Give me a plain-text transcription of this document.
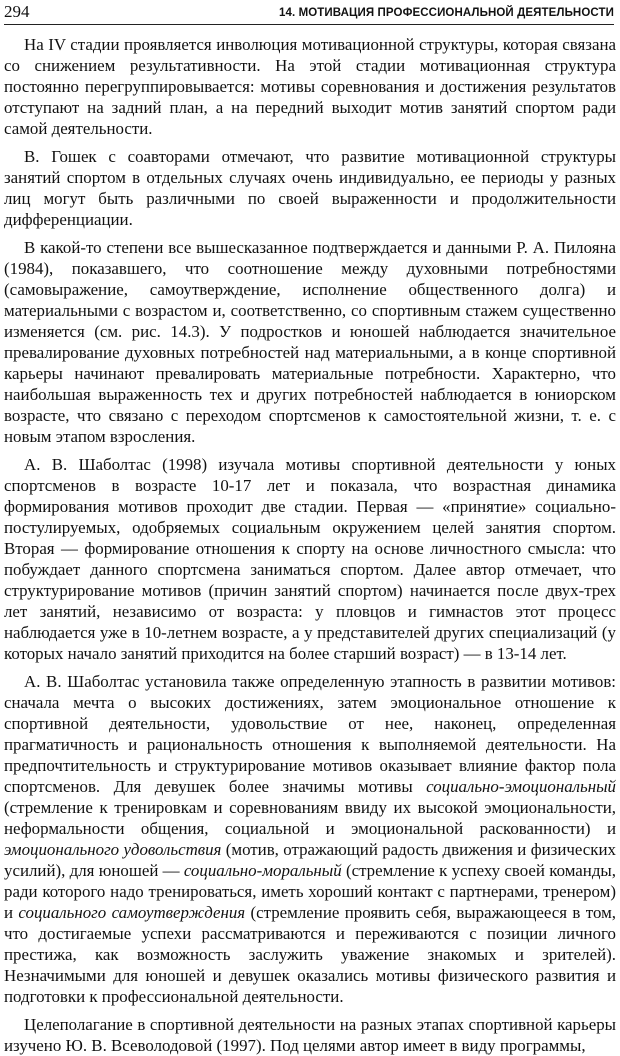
294	14. МОТИВАЦИЯ ПРОФЕССИОНАЛЬНОЙ ДЕЯТЕЛЬНОСТИ

На IV стадии проявляется инволюция мотивационной структуры, которая связана со снижением результативности. На этой стадии мотивационная структура постоянно перегруппировывается: мотивы соревнования и достижения результатов отступают на задний план, а на передний выходит мотив занятий спортом ради самой деятельности.

В. Гошек с соавторами отмечают, что развитие мотивационной структуры занятий спортом в отдельных случаях очень индивидуально, ее периоды у разных лиц могут быть различными по своей выраженности и продолжительности дифференциации.

В какой-то степени все вышесказанное подтверждается и данными Р. А. Пилояна (1984), показавшего, что соотношение между духовными потребностями (самовыражение, самоутверждение, исполнение общественного долга) и материальными с возрастом и, соответственно, со спортивным стажем существенно изменяется (см. рис. 14.3). У подростков и юношей наблюдается значительное превалирование духовных потребностей над материальными, а в конце спортивной карьеры начинают превалировать материальные потребности. Характерно, что наибольшая выраженность тех и других потребностей наблюдается в юниорском возрасте, что связано с переходом спортсменов к самостоятельной жизни, т. е. с новым этапом взросления.

А. В. Шаболтас (1998) изучала мотивы спортивной деятельности у юных спортсменов в возрасте 10-17 лет и показала, что возрастная динамика формирования мотивов проходит две стадии. Первая — «принятие» социально-постулируемых, одобряемых социальным окружением целей занятия спортом. Вторая — формирование отношения к спорту на основе личностного смысла: что побуждает данного спортсмена заниматься спортом. Далее автор отмечает, что структурирование мотивов (причин занятий спортом) начинается после двух-трех лет занятий, независимо от возраста: у пловцов и гимнастов этот процесс наблюдается уже в 10-летнем возрасте, а у представителей других специализаций (у которых начало занятий приходится на более старший возраст) — в 13-14 лет.

А. В. Шаболтас установила также определенную этапность в развитии мотивов: сначала мечта о высоких достижениях, затем эмоциональное отношение к спортивной деятельности, удовольствие от нее, наконец, определенная прагматичность и рациональность отношения к выполняемой деятельности. На предпочтительность и структурирование мотивов оказывает влияние фактор пола спортсменов. Для девушек более значимы мотивы социально-эмоциональный (стремление к тренировкам и соревнованиям ввиду их высокой эмоциональности, неформальности общения, социальной и эмоциональной раскованности) и эмоционального удовольствия (мотив, отражающий радость движения и физических усилий), для юношей — социально-моральный (стремление к успеху своей команды, ради которого надо тренироваться, иметь хороший контакт с партнерами, тренером) и социального самоутверждения (стремление проявить себя, выражающееся в том, что достигаемые успехи рассматриваются и переживаются с позиции личного престижа, как возможность заслужить уважение знакомых и зрителей). Незначимыми для юношей и девушек оказались мотивы физического развития и подготовки к профессиональной деятельности.

Целеполагание в спортивной деятельности на разных этапах спортивной карьеры изучено Ю. В. Всеволодовой (1997). Под целями автор имеет в виду программы,
